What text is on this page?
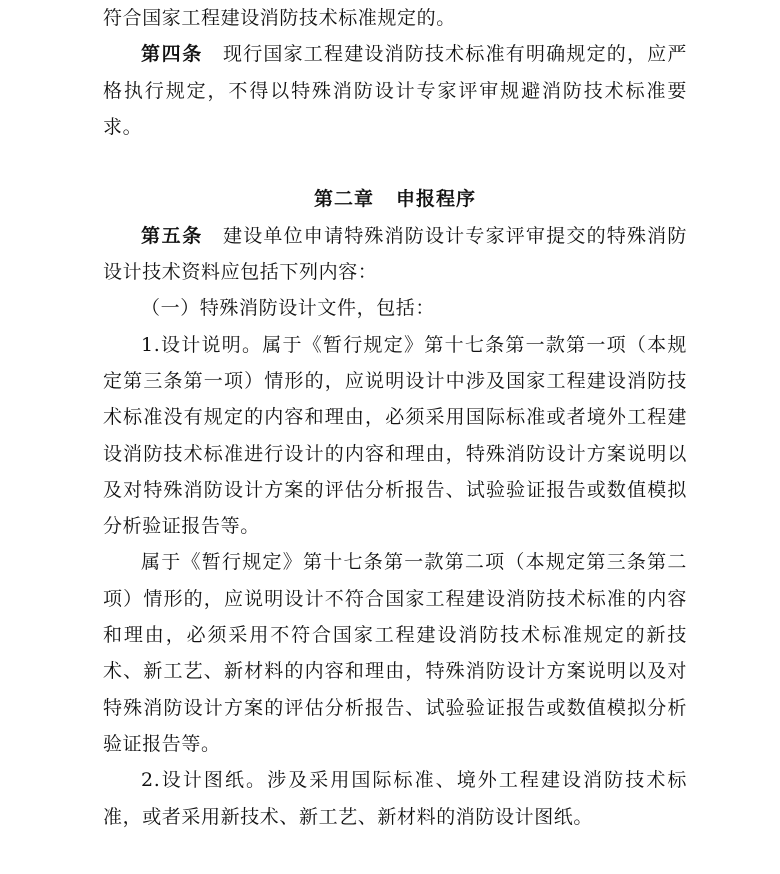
符合国家工程建设消防技术标准规定的。

第四条　 现行国家工程建设消防技术标准有明确规定的，应严格执行规定，不得以特殊消防设计专家评审规避消防技术标准要求。

第二章 申报程序

第五条　 建设单位申请特殊消防设计专家评审提交的特殊消防设计技术资料应包括下列内容：

（一）特殊消防设计文件，包括：

1.设计说明。属于《暂行规定》第十七条第一款第一项（本规定第三条第一项）情形的，应说明设计中涉及国家工程建设消防技术标准没有规定的内容和理由，必须采用国际标准或者境外工程建设消防技术标准进行设计的内容和理由，特殊消防设计方案说明以及对特殊消防设计方案的评估分析报告、试验验证报告或数值模拟分析验证报告等。

属于《暂行规定》第十七条第一款第二项（本规定第三条第二项）情形的，应说明设计不符合国家工程建设消防技术标准的内容和理由，必须采用不符合国家工程建设消防技术标准规定的新技术、新工艺、新材料的内容和理由，特殊消防设计方案说明以及对特殊消防设计方案的评估分析报告、试验验证报告或数值模拟分析验证报告等。

2.设计图纸。涉及采用国际标准、境外工程建设消防技术标准，或者采用新技术、新工艺、新材料的消防设计图纸。
